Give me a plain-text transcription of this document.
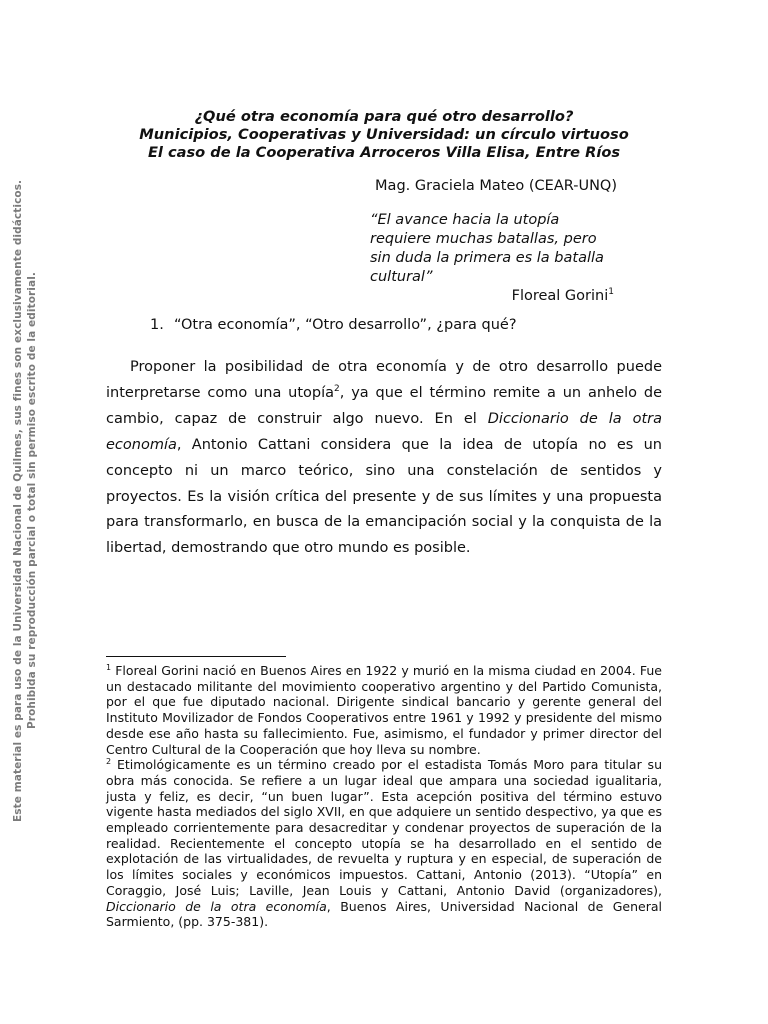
Este material es para uso de la Universidad Nacional de Quilmes, sus fines son exclusivamente didácticos. Prohibida su reproducción parcial o total sin permiso escrito de la editorial.
¿Qué otra economía para qué otro desarrollo?
Municipios, Cooperativas y Universidad: un círculo virtuoso
El caso de la Cooperativa Arroceros Villa Elisa, Entre Ríos
Mag. Graciela Mateo (CEAR-UNQ)
“El avance hacia la utopía requiere muchas batallas, pero sin duda la primera es la batalla cultural”
Floreal Gorini$^1$
1. “Otra economía”, “Otro desarrollo”, ¿para qué?

Proponer la posibilidad de otra economía y de otro desarrollo puede interpretarse como una utopía$^2$, ya que el término remite a un anhelo de cambio, capaz de construir algo nuevo. En el Diccionario de la otra economía, Antonio Cattani considera que la idea de utopía no es un concepto ni un marco teórico, sino una constelación de sentidos y proyectos. Es la visión crítica del presente y de sus límites y una propuesta para transformarlo, en busca de la emancipación social y la conquista de la libertad, demostrando que otro mundo es posible.

$^1$ Floreal Gorini nació en Buenos Aires en 1922 y murió en la misma ciudad en 2004. Fue un destacado militante del movimiento cooperativo argentino y del Partido Comunista, por el que fue diputado nacional. Dirigente sindical bancario y gerente general del Instituto Movilizador de Fondos Cooperativos entre 1961 y 1992 y presidente del mismo desde ese año hasta su fallecimiento. Fue, asimismo, el fundador y primer director del Centro Cultural de la Cooperación que hoy lleva su nombre.

$^2$ Etimológicamente es un término creado por el estadista Tomás Moro para titular su obra más conocida. Se refiere a un lugar ideal que ampara una sociedad igualitaria, justa y feliz, es decir, “un buen lugar”. Esta acepción positiva del término estuvo vigente hasta mediados del siglo XVII, en que adquiere un sentido despectivo, ya que es empleado corrientemente para desacreditar y condenar proyectos de superación de la realidad. Recientemente el concepto utopía se ha desarrollado en el sentido de explotación de las virtualidades, de revuelta y ruptura y en especial, de superación de los límites sociales y económicos impuestos. Cattani, Antonio (2013). “Utopía” en Coraggio, José Luis; Laville, Jean Louis y Cattani, Antonio David (organizadores), Diccionario de la otra economía, Buenos Aires, Universidad Nacional de General Sarmiento, (pp. 375-381).
